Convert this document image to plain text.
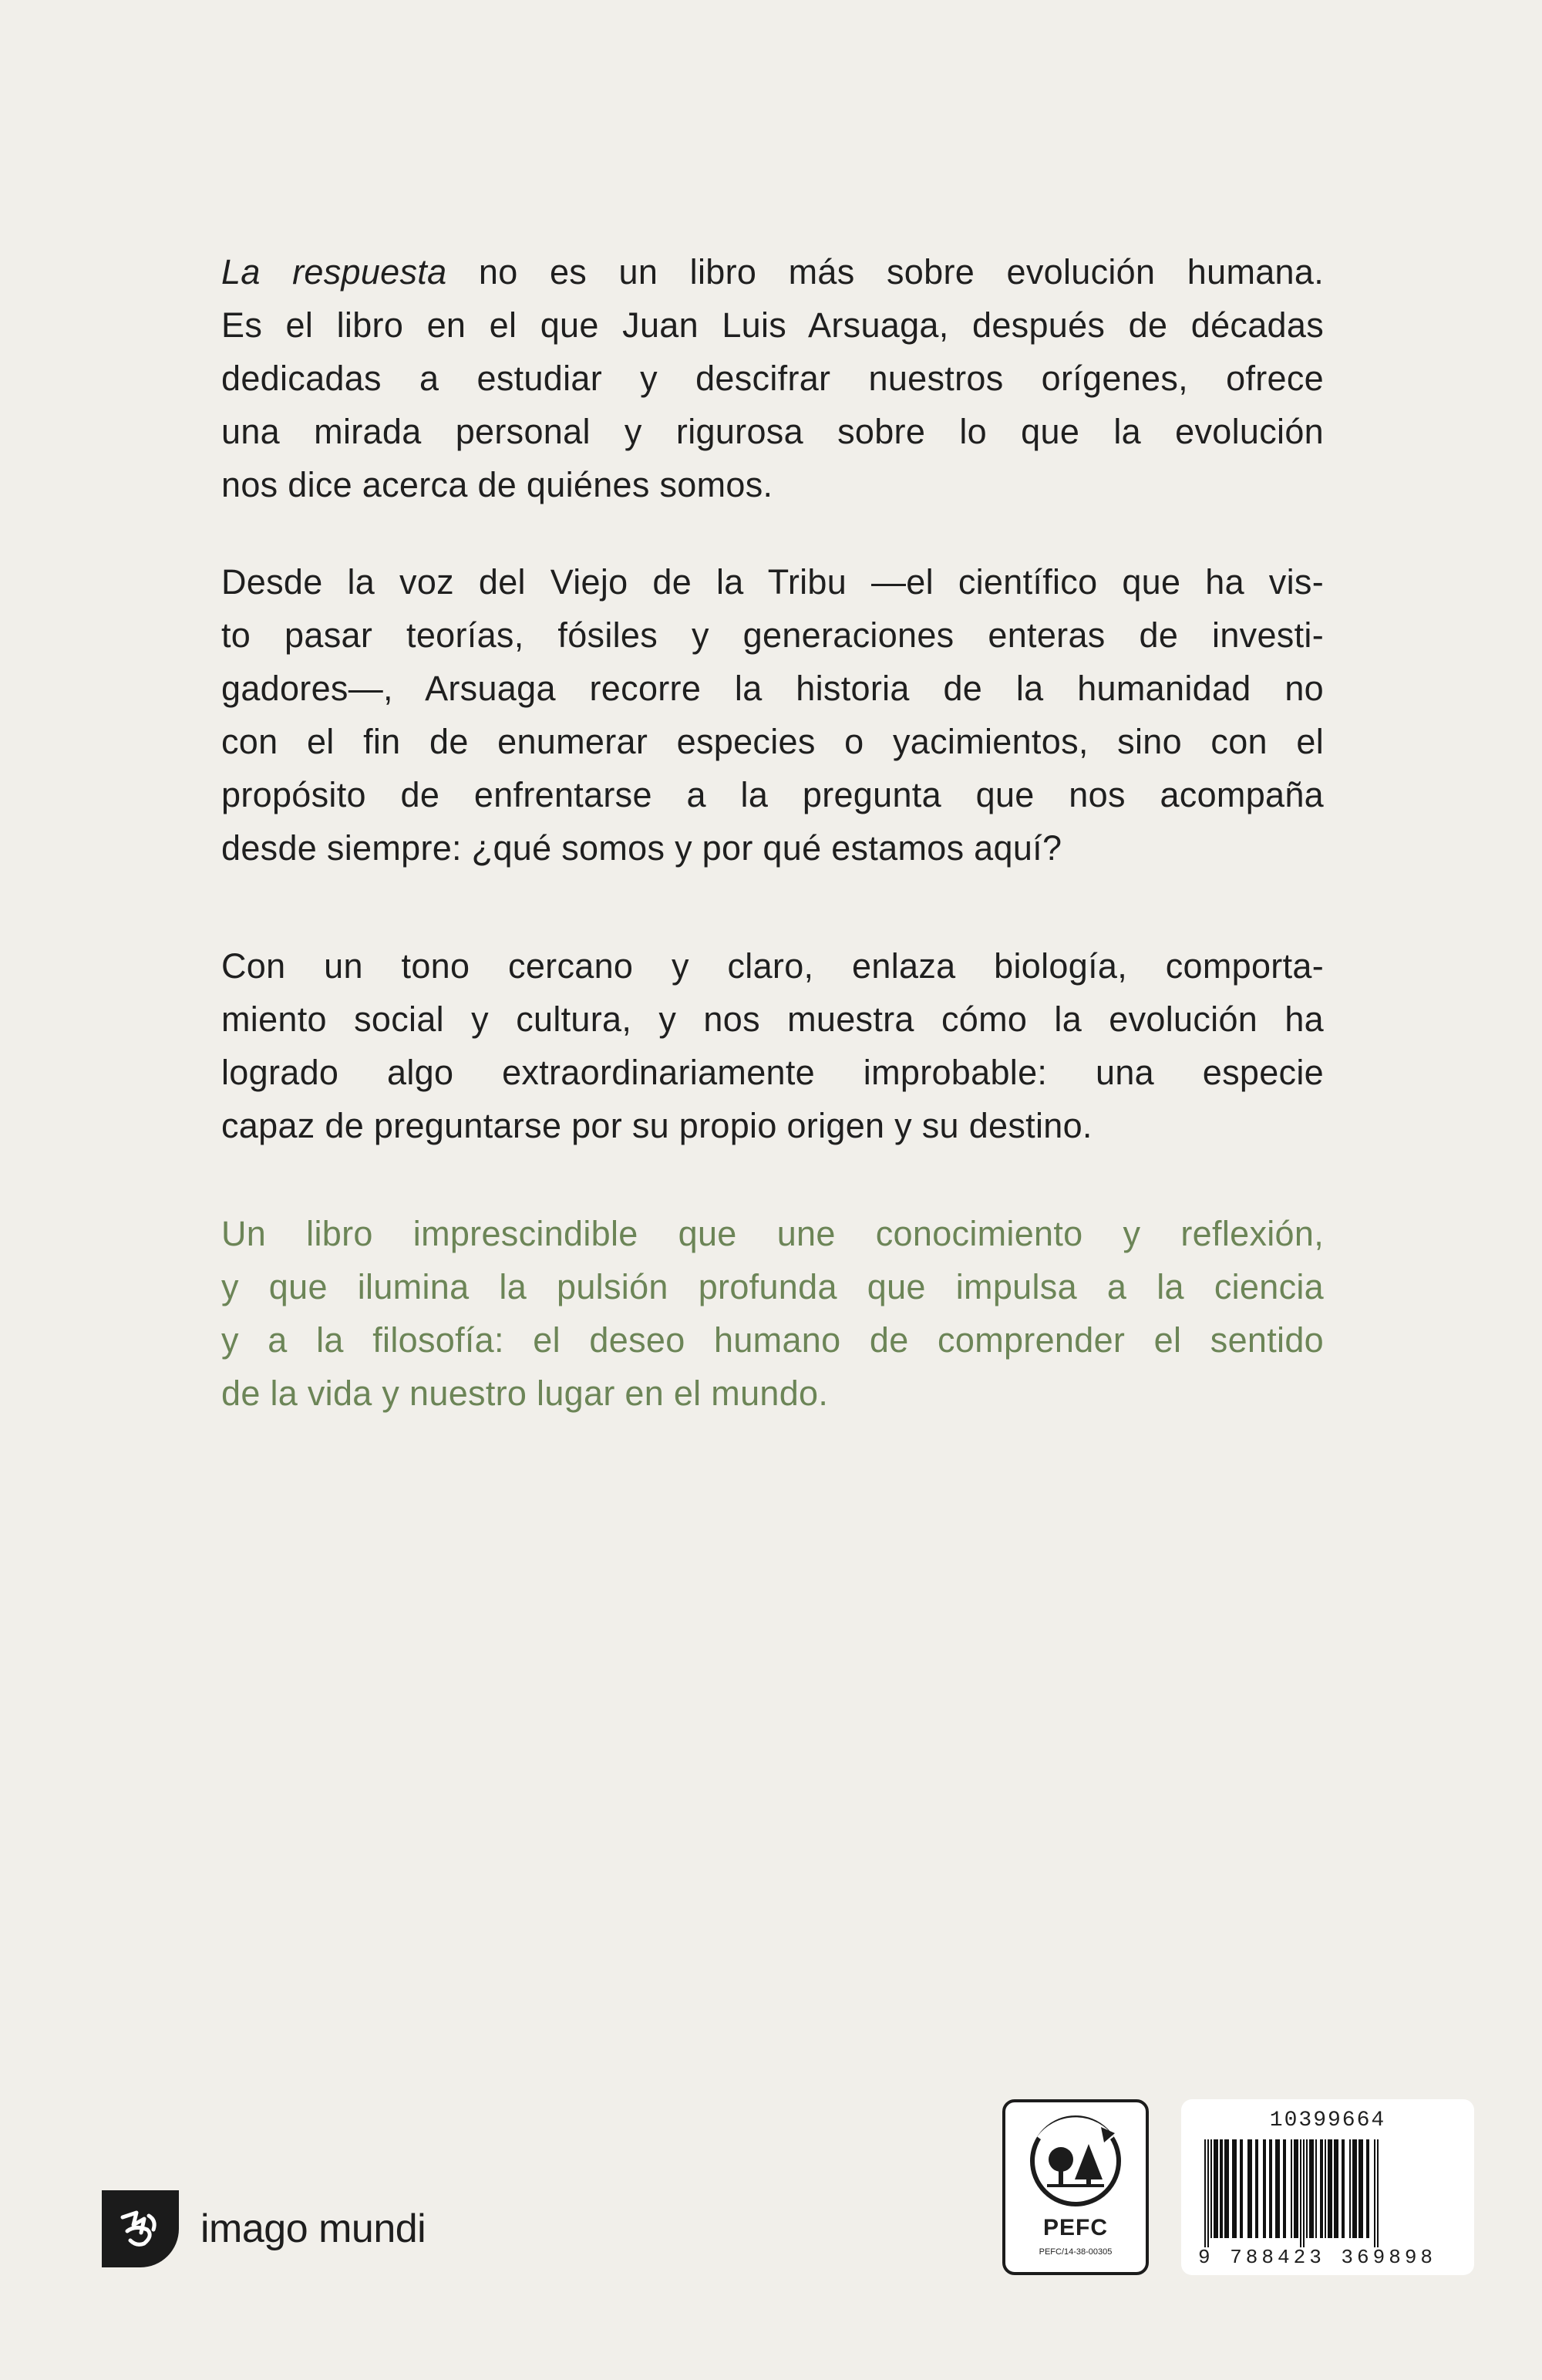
La respuesta no es un libro más sobre evolución humana.
Es el libro en el que Juan Luis Arsuaga, después de décadas
dedicadas a estudiar y descifrar nuestros orígenes, ofrece
una mirada personal y rigurosa sobre lo que la evolución
nos dice acerca de quiénes somos.
Desde la voz del Viejo de la Tribu —el científico que ha vis-
to pasar teorías, fósiles y generaciones enteras de investi-
gadores—, Arsuaga recorre la historia de la humanidad no
con el fin de enumerar especies o yacimientos, sino con el
propósito de enfrentarse a la pregunta que nos acompaña
desde siempre: ¿qué somos y por qué estamos aquí?
Con un tono cercano y claro, enlaza biología, comporta-
miento social y cultura, y nos muestra cómo la evolución ha
logrado algo extraordinariamente improbable: una especie
capaz de preguntarse por su propio origen y su destino.
Un libro imprescindible que une conocimiento y reflexión,
y que ilumina la pulsión profunda que impulsa a la ciencia
y a la filosofía: el deseo humano de comprender el sentido
de la vida y nuestro lugar en el mundo.
imago mundi	PEFC
PEFC/14-38-00305
10399664
9 788423 369898
